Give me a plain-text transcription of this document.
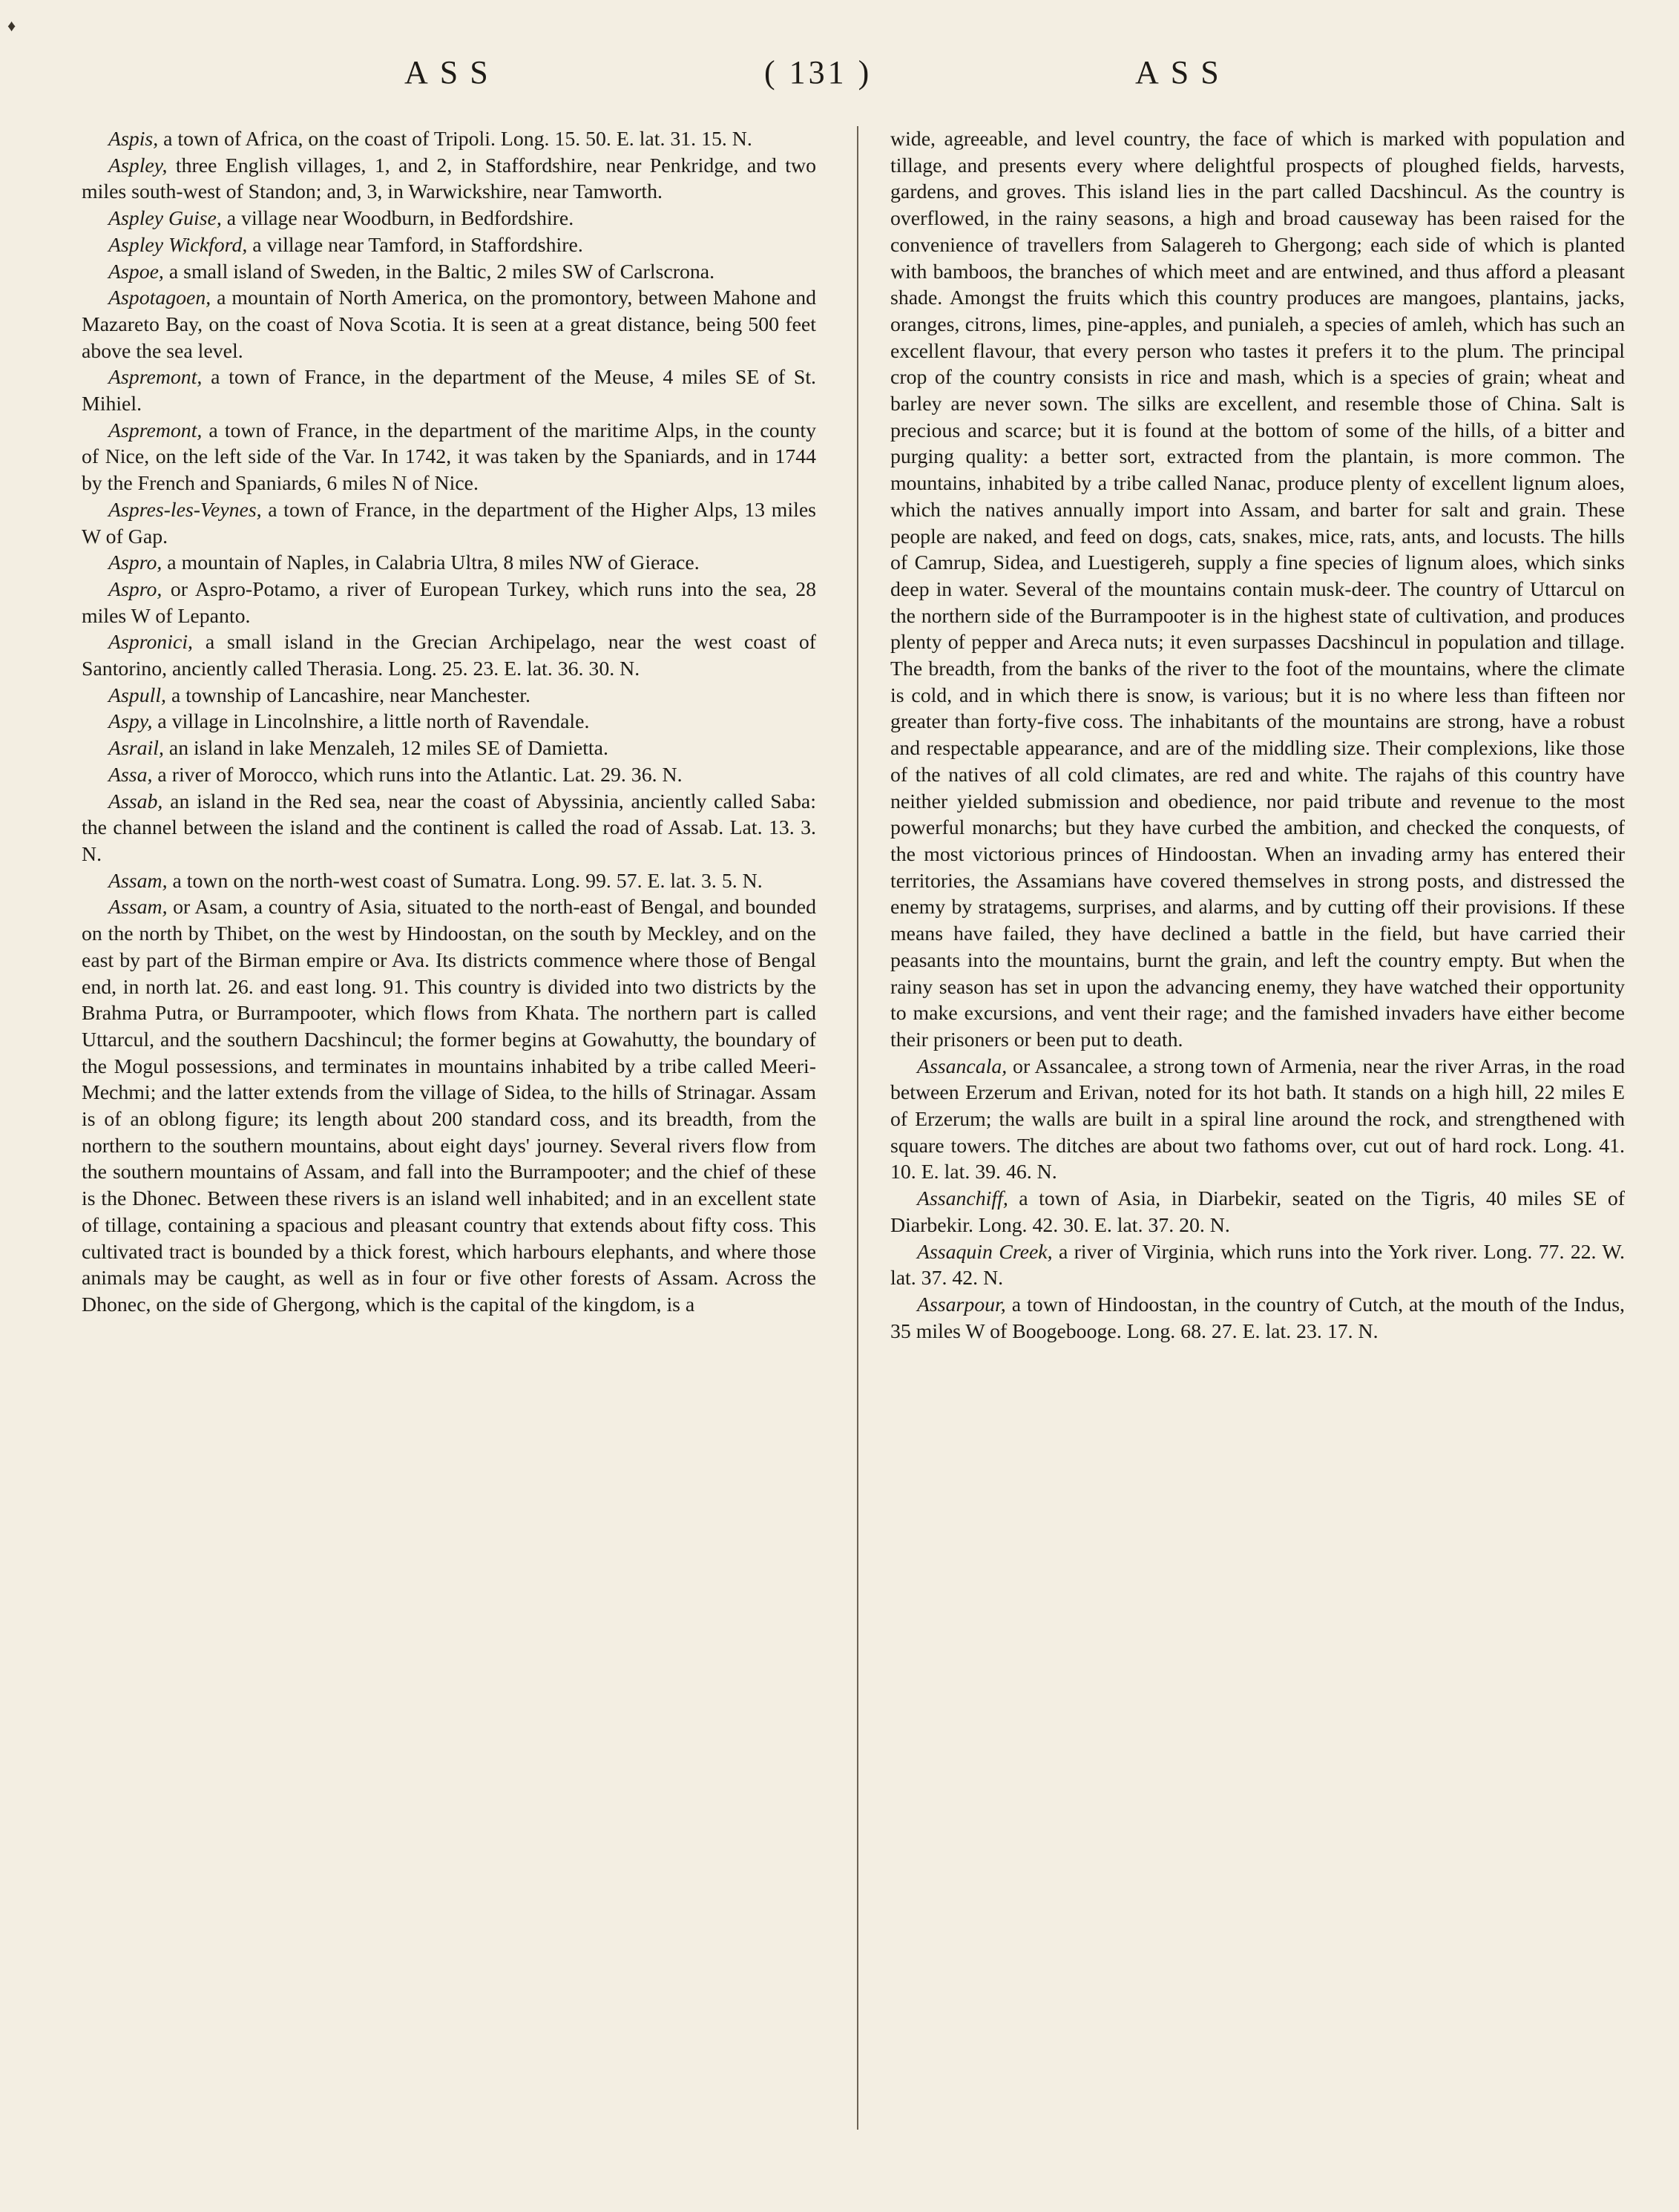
♦
ASS	( 131 )	ASS

Aspis, a town of Africa, on the coast of Tripoli. Long. 15. 50. E. lat. 31. 15. N.

Aspley, three English villages, 1, and 2, in Staffordshire, near Penkridge, and two miles south-west of Standon; and, 3, in Warwickshire, near Tamworth.

Aspley Guise, a village near Woodburn, in Bedfordshire.

Aspley Wickford, a village near Tamford, in Staffordshire.

Aspoe, a small island of Sweden, in the Baltic, 2 miles SW of Carlscrona.

Aspotagoen, a mountain of North America, on the promontory, between Mahone and Mazareto Bay, on the coast of Nova Scotia. It is seen at a great distance, being 500 feet above the sea level.

Aspremont, a town of France, in the department of the Meuse, 4 miles SE of St. Mihiel.

Aspremont, a town of France, in the department of the maritime Alps, in the county of Nice, on the left side of the Var. In 1742, it was taken by the Spaniards, and in 1744 by the French and Spaniards, 6 miles N of Nice.

Aspres-les-Veynes, a town of France, in the department of the Higher Alps, 13 miles W of Gap.

Aspro, a mountain of Naples, in Calabria Ultra, 8 miles NW of Gierace.

Aspro, or Aspro-Potamo, a river of European Turkey, which runs into the sea, 28 miles W of Lepanto.

Aspronici, a small island in the Grecian Archipelago, near the west coast of Santorino, anciently called Therasia. Long. 25. 23. E. lat. 36. 30. N.

Aspull, a township of Lancashire, near Manchester.

Aspy, a village in Lincolnshire, a little north of Ravendale.

Asrail, an island in lake Menzaleh, 12 miles SE of Damietta.

Assa, a river of Morocco, which runs into the Atlantic. Lat. 29. 36. N.

Assab, an island in the Red sea, near the coast of Abyssinia, anciently called Saba: the channel between the island and the continent is called the road of Assab. Lat. 13. 3. N.

Assam, a town on the north-west coast of Sumatra. Long. 99. 57. E. lat. 3. 5. N.

Assam, or Asam, a country of Asia, situated to the north-east of Bengal, and bounded on the north by Thibet, on the west by Hindoostan, on the south by Meckley, and on the east by part of the Birman empire or Ava. Its districts commence where those of Bengal end, in north lat. 26. and east long. 91. This country is divided into two districts by the Brahma Putra, or Burrampooter, which flows from Khata. The northern part is called Uttarcul, and the southern Dacshincul; the former begins at Gowahutty, the boundary of the Mogul possessions, and terminates in mountains inhabited by a tribe called Meeri-Mechmi; and the latter extends from the village of Sidea, to the hills of Strinagar. Assam is of an oblong figure; its length about 200 standard coss, and its breadth, from the northern to the southern mountains, about eight days' journey. Several rivers flow from the southern mountains of Assam, and fall into the Burrampooter; and the chief of these is the Dhonec. Between these rivers is an island well inhabited; and in an excellent state of tillage, containing a spacious and pleasant country that extends about fifty coss. This cultivated tract is bounded by a thick forest, which harbours elephants, and where those animals may be caught, as well as in four or five other forests of Assam. Across the Dhonec, on the side of Ghergong, which is the capital of the kingdom, is a

wide, agreeable, and level country, the face of which is marked with population and tillage, and presents every where delightful prospects of ploughed fields, harvests, gardens, and groves. This island lies in the part called Dacshincul. As the country is overflowed, in the rainy seasons, a high and broad causeway has been raised for the convenience of travellers from Salagereh to Ghergong; each side of which is planted with bamboos, the branches of which meet and are entwined, and thus afford a pleasant shade. Amongst the fruits which this country produces are mangoes, plantains, jacks, oranges, citrons, limes, pine-apples, and punialeh, a species of amleh, which has such an excellent flavour, that every person who tastes it prefers it to the plum. The principal crop of the country consists in rice and mash, which is a species of grain; wheat and barley are never sown. The silks are excellent, and resemble those of China. Salt is precious and scarce; but it is found at the bottom of some of the hills, of a bitter and purging quality: a better sort, extracted from the plantain, is more common. The mountains, inhabited by a tribe called Nanac, produce plenty of excellent lignum aloes, which the natives annually import into Assam, and barter for salt and grain. These people are naked, and feed on dogs, cats, snakes, mice, rats, ants, and locusts. The hills of Camrup, Sidea, and Luestigereh, supply a fine species of lignum aloes, which sinks deep in water. Several of the mountains contain musk-deer. The country of Uttarcul on the northern side of the Burrampooter is in the highest state of cultivation, and produces plenty of pepper and Areca nuts; it even surpasses Dacshincul in population and tillage. The breadth, from the banks of the river to the foot of the mountains, where the climate is cold, and in which there is snow, is various; but it is no where less than fifteen nor greater than forty-five coss. The inhabitants of the mountains are strong, have a robust and respectable appearance, and are of the middling size. Their complexions, like those of the natives of all cold climates, are red and white. The rajahs of this country have neither yielded submission and obedience, nor paid tribute and revenue to the most powerful monarchs; but they have curbed the ambition, and checked the conquests, of the most victorious princes of Hindoostan. When an invading army has entered their territories, the Assamians have covered themselves in strong posts, and distressed the enemy by stratagems, surprises, and alarms, and by cutting off their provisions. If these means have failed, they have declined a battle in the field, but have carried their peasants into the mountains, burnt the grain, and left the country empty. But when the rainy season has set in upon the advancing enemy, they have watched their opportunity to make excursions, and vent their rage; and the famished invaders have either become their prisoners or been put to death.

Assancala, or Assancalee, a strong town of Armenia, near the river Arras, in the road between Erzerum and Erivan, noted for its hot bath. It stands on a high hill, 22 miles E of Erzerum; the walls are built in a spiral line around the rock, and strengthened with square towers. The ditches are about two fathoms over, cut out of hard rock. Long. 41. 10. E. lat. 39. 46. N.

Assanchiff, a town of Asia, in Diarbekir, seated on the Tigris, 40 miles SE of Diarbekir. Long. 42. 30. E. lat. 37. 20. N.

Assaquin Creek, a river of Virginia, which runs into the York river. Long. 77. 22. W. lat. 37. 42. N.

Assarpour, a town of Hindoostan, in the country of Cutch, at the mouth of the Indus, 35 miles W of Boogebooge. Long. 68. 27. E. lat. 23. 17. N.
